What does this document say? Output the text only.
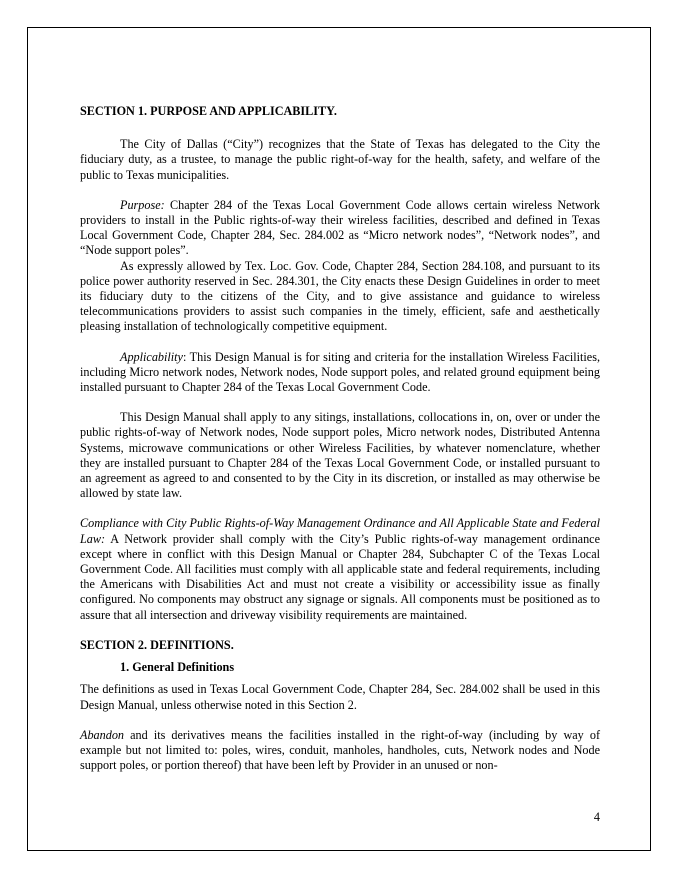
SECTION 1. PURPOSE AND APPLICABILITY.

The City of Dallas (“City”) recognizes that the State of Texas has delegated to the City the fiduciary duty, as a trustee, to manage the public right-of-way for the health, safety, and welfare of the public to Texas municipalities.

Purpose: Chapter 284 of the Texas Local Government Code allows certain wireless Network providers to install in the Public rights-of-way their wireless facilities, described and defined in Texas Local Government Code, Chapter 284, Sec. 284.002 as “Micro network nodes”, “Network nodes”, and “Node support poles”.

As expressly allowed by Tex. Loc. Gov. Code, Chapter 284, Section 284.108, and pursuant to its police power authority reserved in Sec. 284.301, the City enacts these Design Guidelines in order to meet its fiduciary duty to the citizens of the City, and to give assistance and guidance to wireless telecommunications providers to assist such companies in the timely, efficient, safe and aesthetically pleasing installation of technologically competitive equipment.

Applicability: This Design Manual is for siting and criteria for the installation Wireless Facilities, including Micro network nodes, Network nodes, Node support poles, and related ground equipment being installed pursuant to Chapter 284 of the Texas Local Government Code.

This Design Manual shall apply to any sitings, installations, collocations in, on, over or under the public rights-of-way of Network nodes, Node support poles, Micro network nodes, Distributed Antenna Systems, microwave communications or other Wireless Facilities, by whatever nomenclature, whether they are installed pursuant to Chapter 284 of the Texas Local Government Code, or installed pursuant to an agreement as agreed to and consented to by the City in its discretion, or installed as may otherwise be allowed by state law.

Compliance with City Public Rights-of-Way Management Ordinance and All Applicable State and Federal Law: A Network provider shall comply with the City’s Public rights-of-way management ordinance except where in conflict with this Design Manual or Chapter 284, Subchapter C of the Texas Local Government Code. All facilities must comply with all applicable state and federal requirements, including the Americans with Disabilities Act and must not create a visibility or accessibility issue as finally configured. No components may obstruct any signage or signals. All components must be positioned as to assure that all intersection and driveway visibility requirements are maintained.

SECTION 2. DEFINITIONS.

1. General Definitions

The definitions as used in Texas Local Government Code, Chapter 284, Sec. 284.002 shall be used in this Design Manual, unless otherwise noted in this Section 2.

Abandon and its derivatives means the facilities installed in the right-of-way (including by way of example but not limited to: poles, wires, conduit, manholes, handholes, cuts, Network nodes and Node support poles, or portion thereof) that have been left by Provider in an unused or non-

4
